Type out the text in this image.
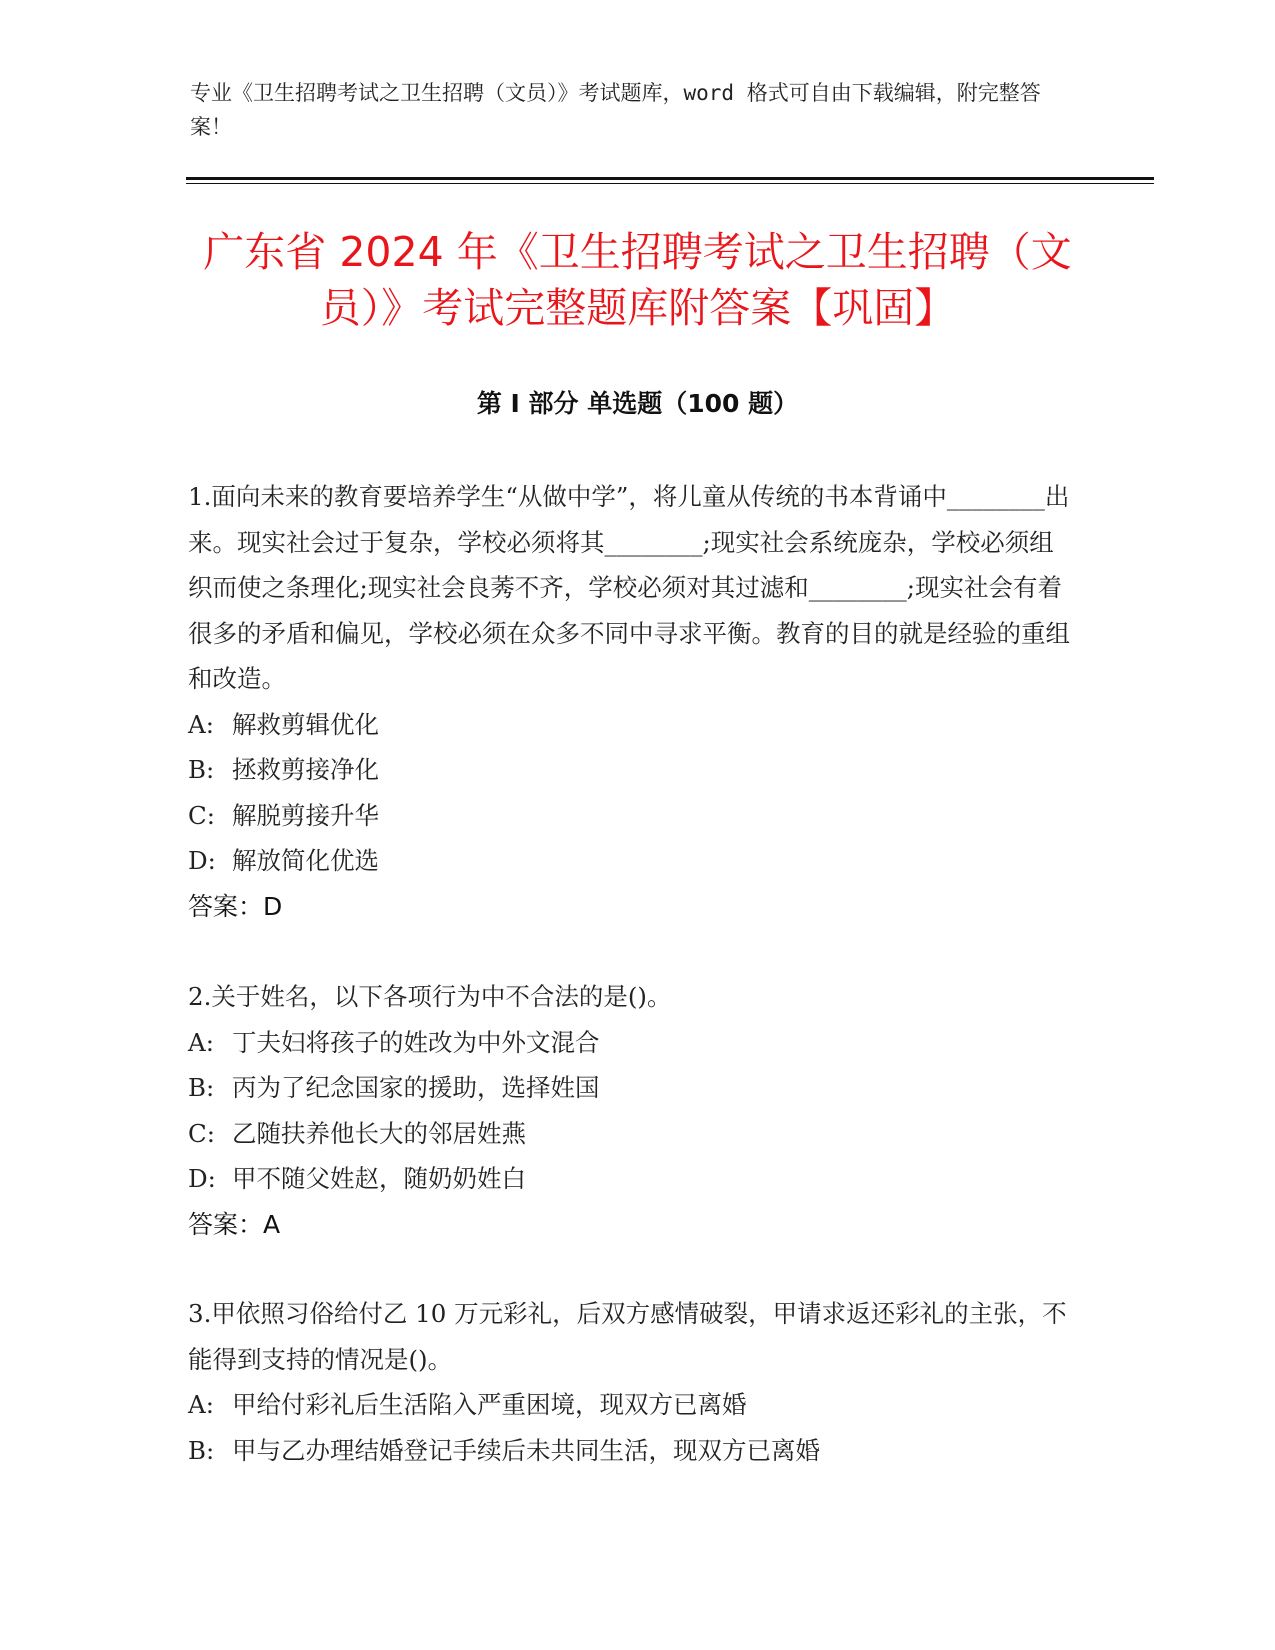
专业《卫生招聘考试之卫生招聘（文员）》考试题库，word 格式可自由下载编辑，附完整答案！
广东省 2024 年《卫生招聘考试之卫生招聘（文员）》考试完整题库附答案【巩固】
第 I 部分 单选题（100 题）

1.面向未来的教育要培养学生“从做中学”，将儿童从传统的书本背诵中________出来。现实社会过于复杂，学校必须将其________;现实社会系统庞杂，学校必须组织而使之条理化;现实社会良莠不齐，学校必须对其过滤和________;现实社会有着很多的矛盾和偏见，学校必须在众多不同中寻求平衡。教育的目的就是经验的重组和改造。

A: 解救剪辑优化

B: 拯救剪接净化

C: 解脱剪接升华

D: 解放简化优选

答案：D

2.关于姓名，以下各项行为中不合法的是()。

A: 丁夫妇将孩子的姓改为中外文混合

B: 丙为了纪念国家的援助，选择姓国

C: 乙随扶养他长大的邻居姓燕

D: 甲不随父姓赵，随奶奶姓白

答案：A

3.甲依照习俗给付乙 10 万元彩礼，后双方感情破裂，甲请求返还彩礼的主张，不能得到支持的情况是()。

A: 甲给付彩礼后生活陷入严重困境，现双方已离婚

B: 甲与乙办理结婚登记手续后未共同生活，现双方已离婚
